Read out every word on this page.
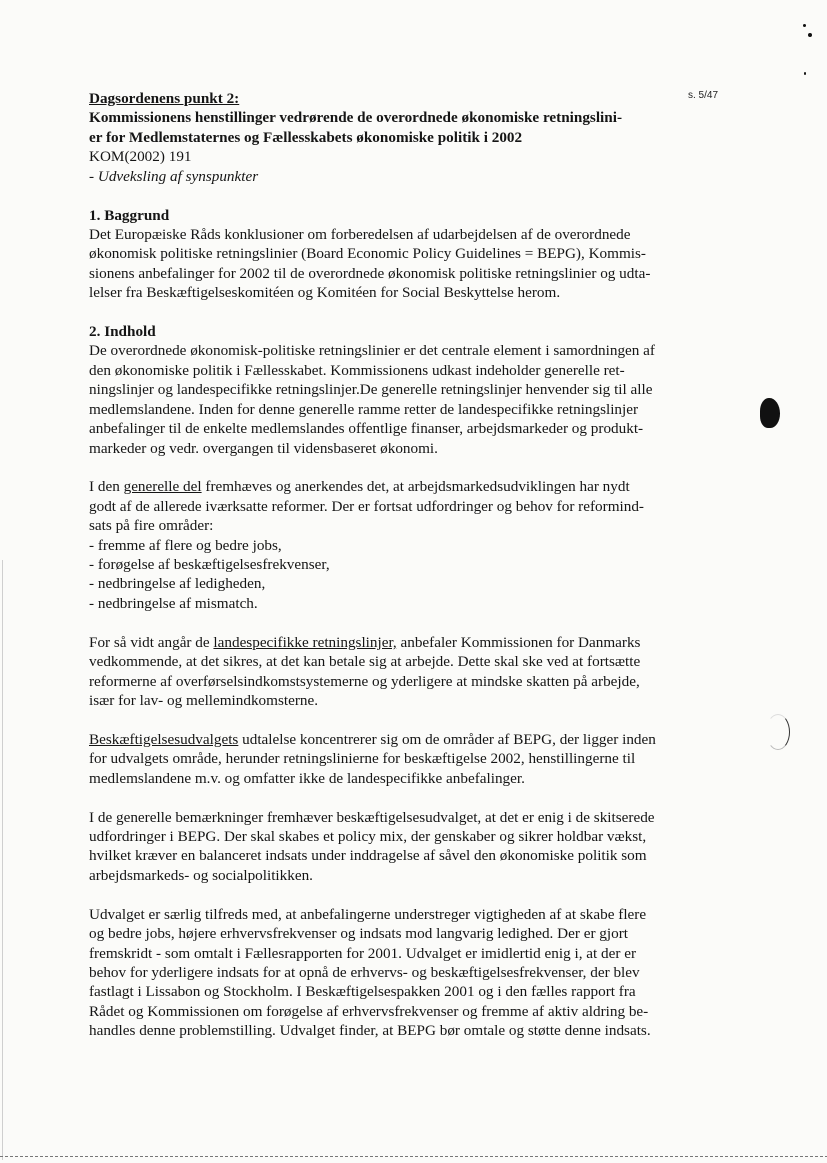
s. 5/47
Dagsordenens punkt 2:
Kommissionens henstillinger vedrørende de overordnede økonomiske retningslini-
er for Medlemstaternes og Fællesskabets økonomiske politik i 2002
KOM(2002) 191
- Udveksling af synspunkter
1. Baggrund
Det Europæiske Råds konklusioner om forberedelsen af udarbejdelsen af de overordnede
økonomisk politiske retningslinier (Board Economic Policy Guidelines = BEPG), Kommis-
sionens anbefalinger for 2002 til de overordnede økonomisk politiske retningslinier og udta-
lelser fra Beskæftigelseskomitéen og Komitéen for Social Beskyttelse herom.
2. Indhold
De overordnede økonomisk-politiske retningslinier er det centrale element i samordningen af
den økonomiske politik i Fællesskabet. Kommissionens udkast indeholder generelle ret-
ningslinjer og landespecifikke retningslinjer.De generelle retningslinjer henvender sig til alle
medlemslandene. Inden for denne generelle ramme retter de landespecifikke retningslinjer
anbefalinger til de enkelte medlemslandes offentlige finanser, arbejdsmarkeder og produkt-
markeder og vedr. overgangen til vidensbaseret økonomi.
I den generelle del fremhæves og anerkendes det, at arbejdsmarkedsudviklingen har nydt
godt af de allerede iværksatte reformer. Der er fortsat udfordringer og behov for reformind-
sats på fire områder:
- fremme af flere og bedre jobs,
- forøgelse af beskæftigelsesfrekvenser,
- nedbringelse af ledigheden,
- nedbringelse af mismatch.
For så vidt angår de landespecifikke retningslinjer, anbefaler Kommissionen for Danmarks
vedkommende, at det sikres, at det kan betale sig at arbejde. Dette skal ske ved at fortsætte
reformerne af overførselsindkomstsystemerne og yderligere at mindske skatten på arbejde,
især for lav- og mellemindkomsterne.
Beskæftigelsesudvalgets udtalelse koncentrerer sig om de områder af BEPG, der ligger inden
for udvalgets område, herunder retningslinierne for beskæftigelse 2002, henstillingerne til
medlemslandene m.v. og omfatter ikke de landespecifikke anbefalinger.
I de generelle bemærkninger fremhæver beskæftigelsesudvalget, at det er enig i de skitserede
udfordringer i BEPG. Der skal skabes et policy mix, der genskaber og sikrer holdbar vækst,
hvilket kræver en balanceret indsats under inddragelse af såvel den økonomiske politik som
arbejdsmarkeds- og socialpolitikken.
Udvalget er særlig tilfreds med, at anbefalingerne understreger vigtigheden af at skabe flere
og bedre jobs, højere erhvervsfrekvenser og indsats mod langvarig ledighed. Der er gjort
fremskridt - som omtalt i Fællesrapporten for 2001. Udvalget er imidlertid enig i, at der er
behov for yderligere indsats for at opnå de erhvervs- og beskæftigelsesfrekvenser, der blev
fastlagt i Lissabon og Stockholm. I Beskæftigelsespakken 2001 og i den fælles rapport fra
Rådet og Kommissionen om forøgelse af erhvervsfrekvenser og fremme af aktiv aldring be-
handles denne problemstilling. Udvalget finder, at BEPG bør omtale og støtte denne indsats.
